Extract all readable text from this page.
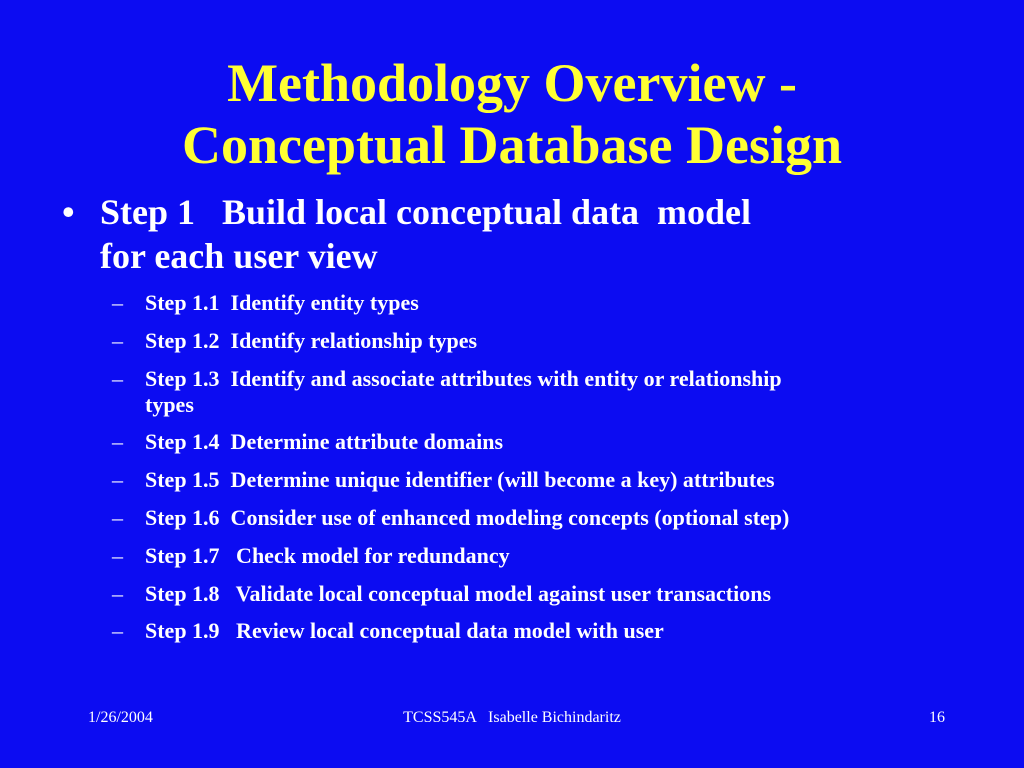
Methodology Overview -
Conceptual Database Design
• Step 1   Build local conceptual data  model
for each user view
–	Step 1.1  Identify entity types
–	Step 1.2  Identify relationship types
–	Step 1.3  Identify and associate attributes with entity or relationship
types
–	Step 1.4  Determine attribute domains
–	Step 1.5  Determine unique identifier (will become a key) attributes
–	Step 1.6  Consider use of enhanced modeling concepts (optional step)
–	Step 1.7   Check model for redundancy
–	Step 1.8   Validate local conceptual model against user transactions
–	Step 1.9   Review local conceptual data model with user
1/26/2004	TCSS545A   Isabelle Bichindaritz	16
